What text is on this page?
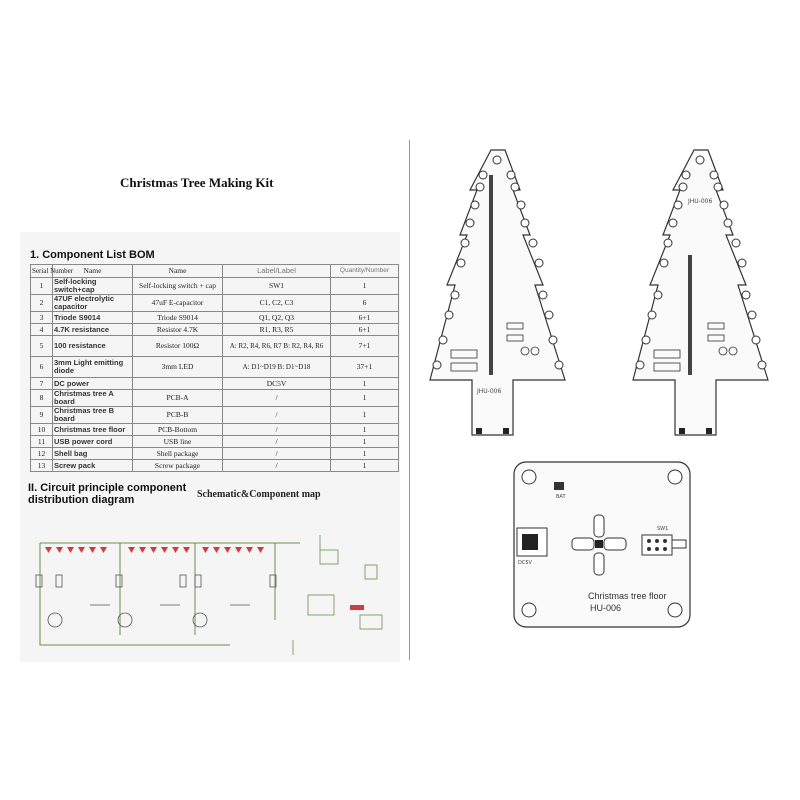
Christmas Tree Making Kit
1. Component List BOM
Serial Number	Name	Name	Label/Label	Quantity/Number
1	Self-locking switch+cap	Self-locking switch + cap	SW1	1
2	47UF electrolytic capacitor	47uF E-capacitor	C1, C2, C3	6
3	Triode S9014	Triode S9014	Q1, Q2, Q3	6+1
4	4.7K resistance	Resistor 4.7K	R1, R3, R5	6+1
5	100 resistance	Resistor 100Ω	A: R2, R4, R6, R7 B: R2, R4, R6	7+1
6	3mm Light emitting diode	3mm LED	A: D1~D19 B: D1~D18	37+1
7	DC power		DC5V	1
8	Christmas tree A board	PCB-A	/	1
9	Christmas tree B board	PCB-B	/	1
10	Christmas tree floor	PCB-Bottom	/	1
11	USB power cord	USB line	/	1
12	Shell bag	Shell package	/	1
13	Screw pack	Screw package	/	1
II. Circuit principle component distribution diagram	Schematic&Component map
JHU-006
JHU-006
BAT
DC5V
SW1
Christmas tree floor
HU-006
